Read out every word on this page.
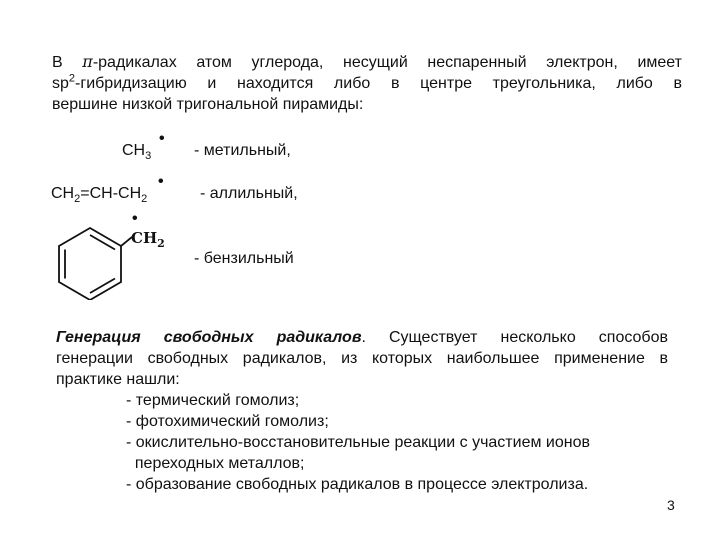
В π-радикалах атом углерода, несущий неспаренный электрон, имеет
$sp^2$-гибридизацию и находится либо в центре треугольника, либо в
вершине низкой тригональной пирамиды:
$CH_3$
•
- метильный,
$CH_2=CH-CH_2$
•
- аллильный,
$CH_2$
•
- бензильный
Генерация свободных радикалов. Существует несколько способов
генерации свободных радикалов, из которых наибольшее применение в
практике нашли:
- термический гомолиз;
- фотохимический гомолиз;
- окислительно-восстановительные реакции с участием ионов
переходных металлов;
- образование свободных радикалов в процессе электролиза.
3
